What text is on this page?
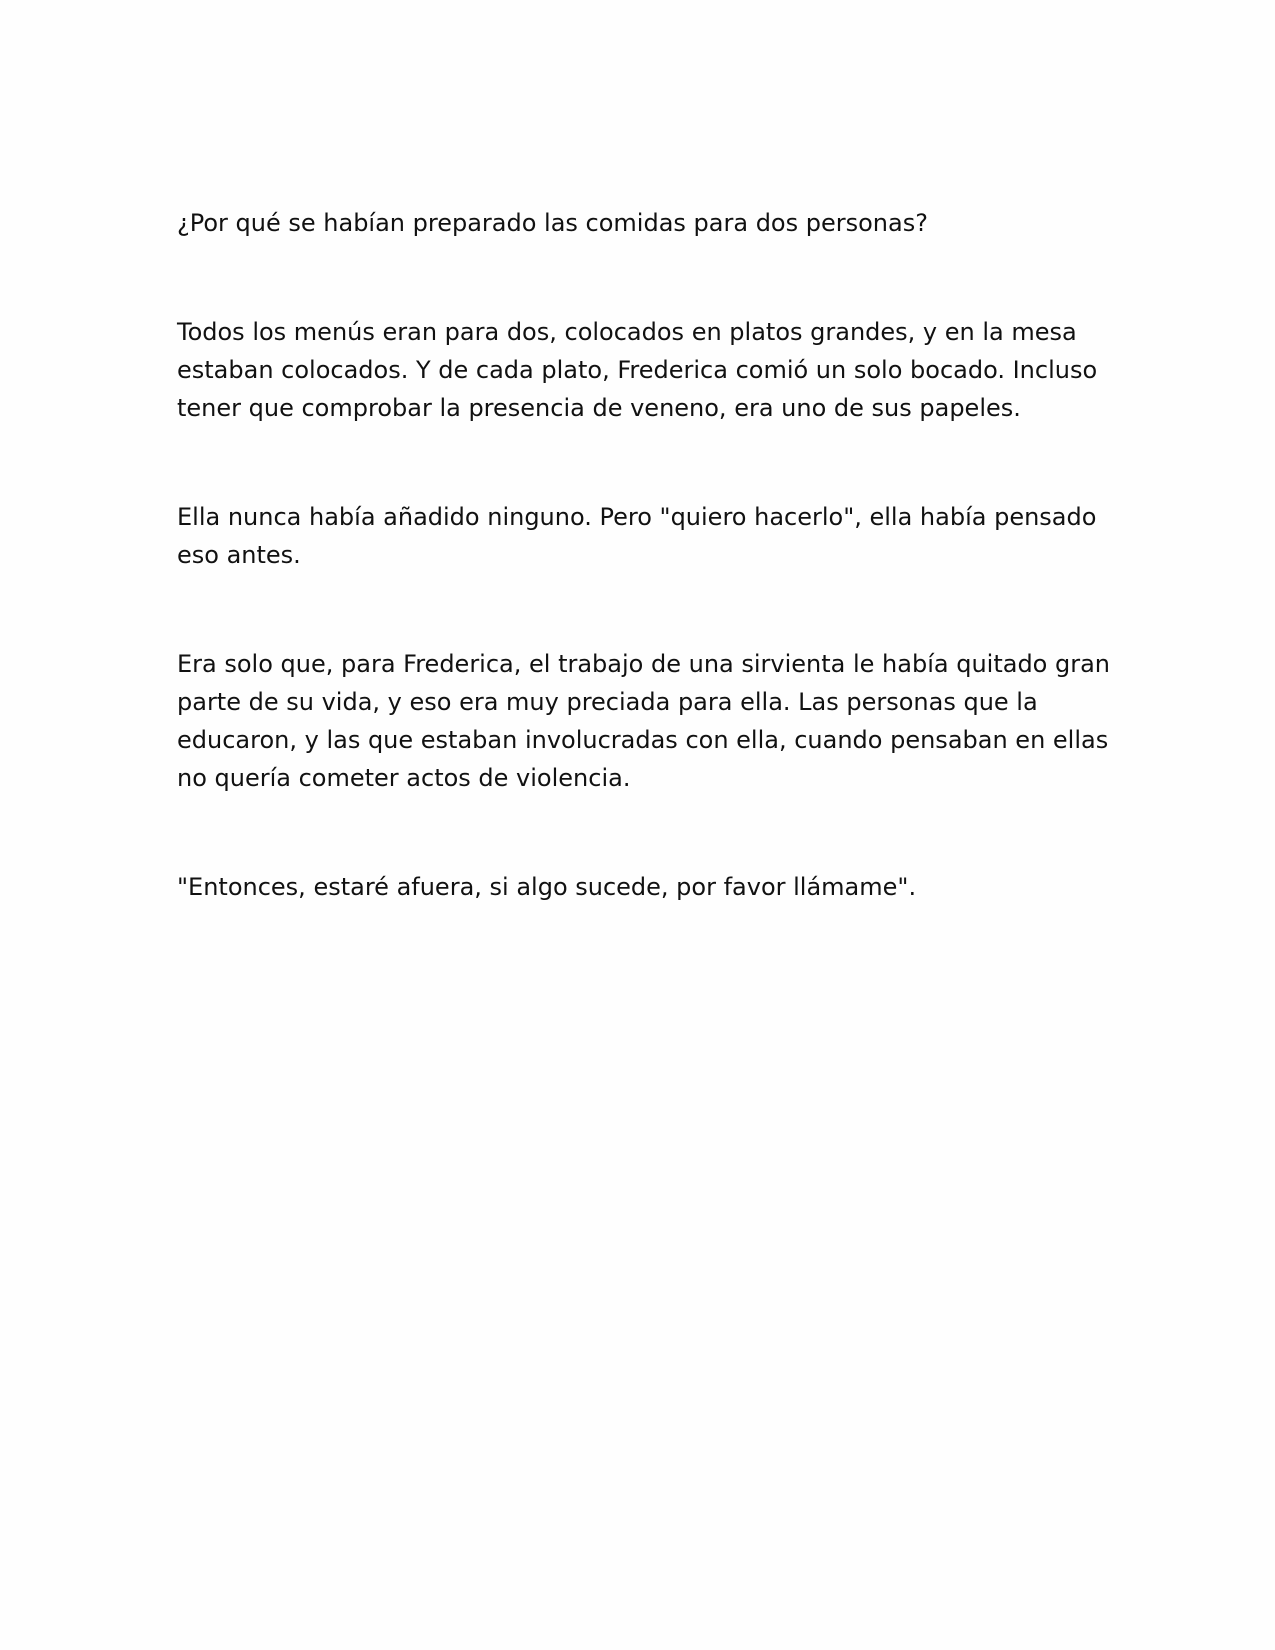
¿Por qué se habían preparado las comidas para dos personas?

Todos los menús eran para dos, colocados en platos grandes, y en la mesa
estaban colocados. Y de cada plato, Frederica comió un solo bocado. Incluso
tener que comprobar la presencia de veneno, era uno de sus papeles.

Ella nunca había añadido ninguno. Pero "quiero hacerlo", ella había pensado
eso antes.

Era solo que, para Frederica, el trabajo de una sirvienta le había quitado gran
parte de su vida, y eso era muy preciada para ella. Las personas que la
educaron, y las que estaban involucradas con ella, cuando pensaban en ellas
no quería cometer actos de violencia.

"Entonces, estaré afuera, si algo sucede, por favor llámame".
